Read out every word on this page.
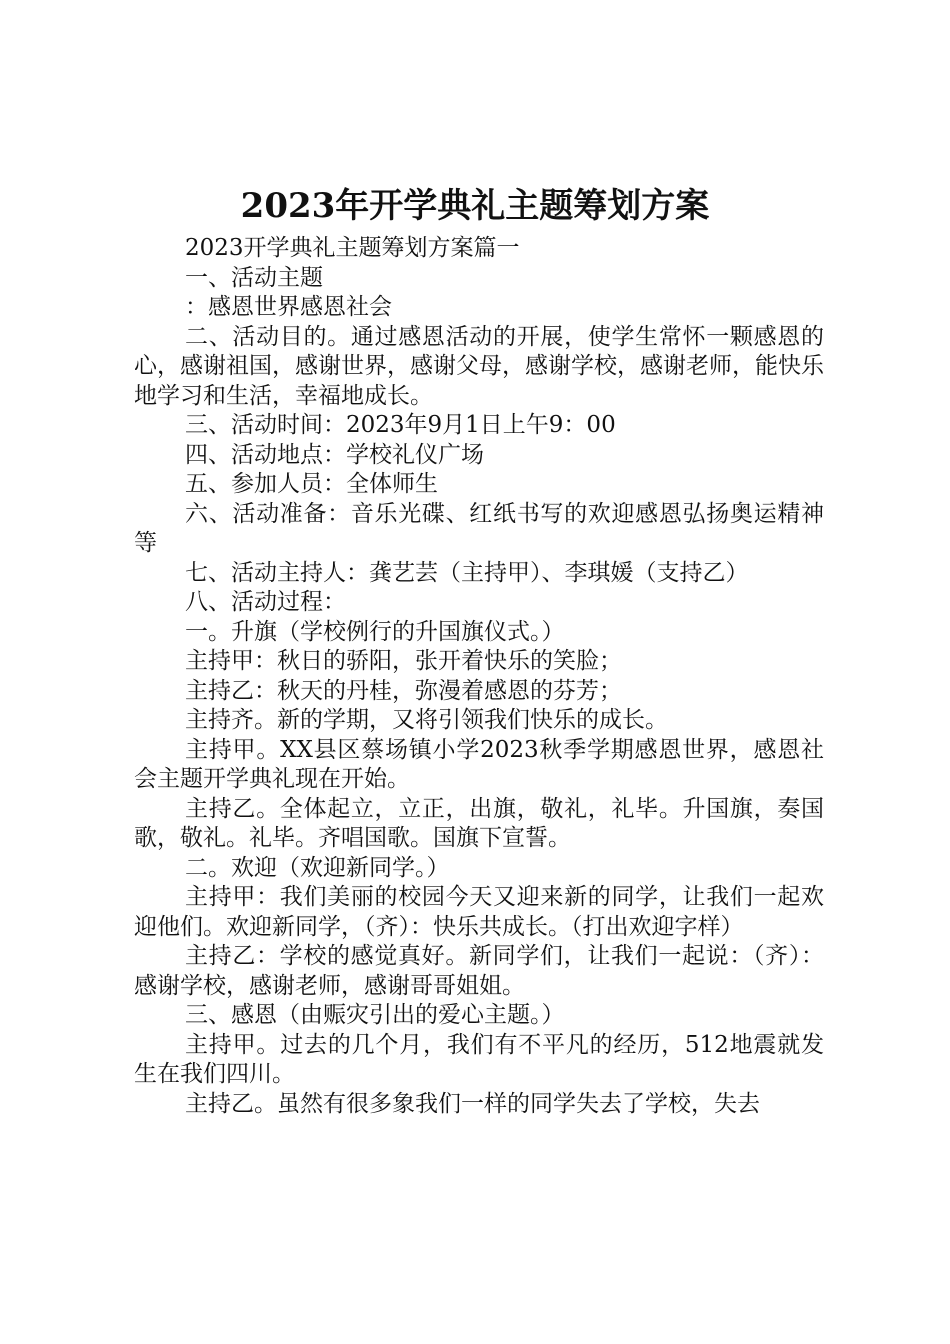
2023年开学典礼主题筹划方案

2023开学典礼主题筹划方案篇一

一、活动主题

：感恩世界感恩社会

二、活动目的。通过感恩活动的开展，使学生常怀一颗感恩的心，感谢祖国，感谢世界，感谢父母，感谢学校，感谢老师，能快乐地学习和生活，幸福地成长。

三、活动时间：2023年9月1日上午9：00

四、活动地点：学校礼仪广场

五、参加人员：全体师生

六、活动准备：音乐光碟、红纸书写的欢迎感恩弘扬奥运精神等

七、活动主持人：龚艺芸（主持甲）、李琪媛（支持乙）

八、活动过程：

一。升旗（学校例行的升国旗仪式。）

主持甲：秋日的骄阳，张开着快乐的笑脸；

主持乙：秋天的丹桂，弥漫着感恩的芬芳；

主持齐。新的学期，又将引领我们快乐的成长。

主持甲。XX县区蔡场镇小学2023秋季学期感恩世界，感恩社会主题开学典礼现在开始。

主持乙。全体起立，立正，出旗，敬礼，礼毕。升国旗，奏国歌，敬礼。礼毕。齐唱国歌。国旗下宣誓。

二。欢迎（欢迎新同学。）

主持甲：我们美丽的校园今天又迎来新的同学，让我们一起欢迎他们。欢迎新同学，（齐）：快乐共成长。（打出欢迎字样）

主持乙：学校的感觉真好。新同学们，让我们一起说：（齐）：感谢学校，感谢老师，感谢哥哥姐姐。

三、感恩（由赈灾引出的爱心主题。）

主持甲。过去的几个月，我们有不平凡的经历，512地震就发生在我们四川。

主持乙。虽然有很多象我们一样的同学失去了学校，失去
